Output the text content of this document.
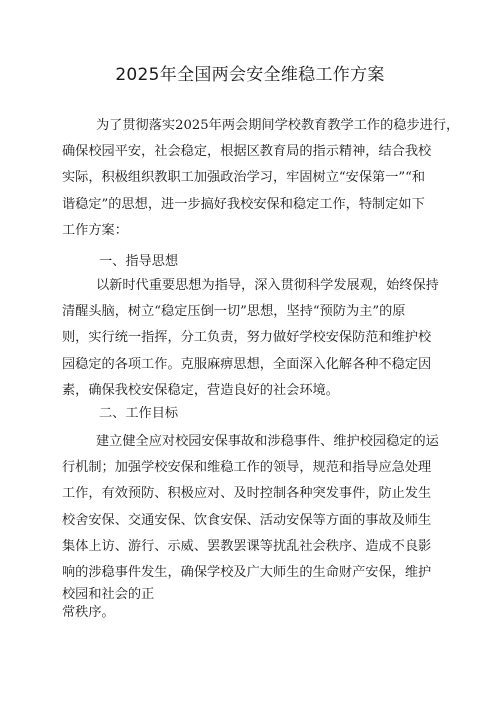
2025年全国两会安全维稳工作方案
为了贯彻落实2025年两会期间学校教育教学工作的稳步进行，
确保校园平安，社会稳定，根据区教育局的指示精神，结合我校
实际，积极组织教职工加强政治学习，牢固树立“安保第一”“和
谐稳定”的思想，进一步搞好我校安保和稳定工作，特制定如下
工作方案：

一、指导思想

以新时代重要思想为指导，深入贯彻科学发展观，始终保持
清醒头脑，树立“稳定压倒一切”思想，坚持“预防为主”的原
则，实行统一指挥，分工负责，努力做好学校安保防范和维护校
园稳定的各项工作。克服麻痹思想，全面深入化解各种不稳定因
素，确保我校安保稳定，营造良好的社会环境。

二、工作目标

建立健全应对校园安保事故和涉稳事件、维护校园稳定的运
行机制；加强学校安保和维稳工作的领导，规范和指导应急处理
工作，有效预防、积极应对、及时控制各种突发事件，防止发生
校舍安保、交通安保、饮食安保、活动安保等方面的事故及师生
集体上访、游行、示威、罢教罢课等扰乱社会秩序、造成不良影
响的涉稳事件发生，确保学校及广大师生的生命财产安保，维护
校园和社会的正
常秩序。
